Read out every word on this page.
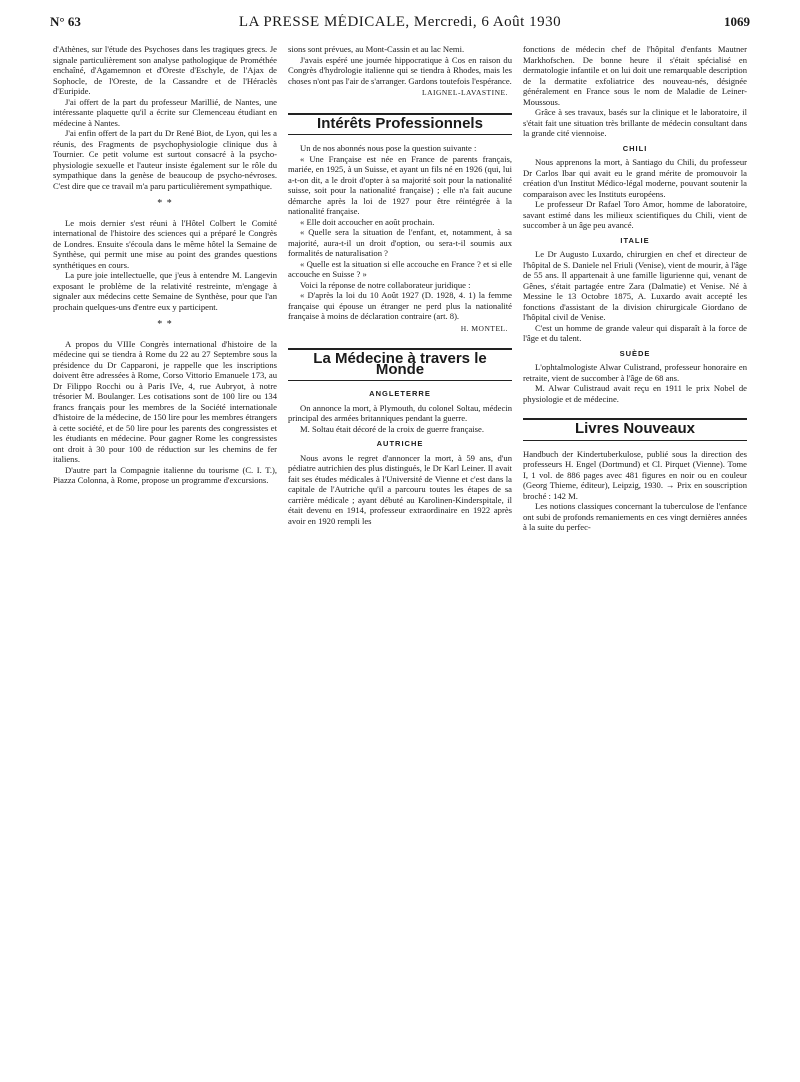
N° 63	LA PRESSE MÉDICALE, Mercredi, 6 Août 1930	1069

d'Athènes, sur l'étude des Psychoses dans les tragiques grecs. Je signale particulièrement son analyse pathologique de Prométhée enchaîné, d'Agamemnon et d'Oreste d'Eschyle, de l'Ajax de Sophocle, de l'Oreste, de la Cassandre et de l'Héraclès d'Euripide.

J'ai offert de la part du professeur Marillié, de Nantes, une intéressante plaquette qu'il a écrite sur Clemenceau étudiant en médecine à Nantes.

J'ai enfin offert de la part du Dr René Biot, de Lyon, qui les a réunis, des Fragments de psychophysiologie clinique dus à Tournier. Ce petit volume est surtout consacré à la psycho-physiologie sexuelle et l'auteur insiste également sur le rôle du sympathique dans la genèse de beaucoup de psycho-névroses. C'est dire que ce travail m'a paru particulièrement sympathique.

* *

Le mois dernier s'est réuni à l'Hôtel Colbert le Comité international de l'histoire des sciences qui a préparé le Congrès de Londres. Ensuite s'écoula dans le même hôtel la Semaine de Synthèse, qui permit une mise au point des grandes questions synthétiques en cours.

La pure joie intellectuelle, que j'eus à entendre M. Langevin exposant le problème de la relativité restreinte, m'engage à signaler aux médecins cette Semaine de Synthèse, pour que l'an prochain quelques-uns d'entre eux y participent.

* *

A propos du VIIIe Congrès international d'histoire de la médecine qui se tiendra à Rome du 22 au 27 Septembre sous la présidence du Dr Capparoni, je rappelle que les inscriptions doivent être adressées à Rome, Corso Vittorio Emanuele 173, au Dr Filippo Rocchi ou à Paris IVe, 4, rue Aubryot, à notre trésorier M. Boulanger. Les cotisations sont de 100 lire ou 134 francs français pour les membres de la Société internationale d'histoire de la médecine, de 150 lire pour les membres étrangers à cette société, et de 50 lire pour les parents des congressistes et les étudiants en médecine. Pour gagner Rome les congressistes ont droit à 30 pour 100 de réduction sur les chemins de fer italiens.

D'autre part la Compagnie italienne du tourisme (C. I. T.), Piazza Colonna, à Rome, propose un programme d'excursions.

sions sont prévues, au Mont-Cassin et au lac Nemi.

J'avais espéré une journée hippocratique à Cos en raison du Congrès d'hydrologie italienne qui se tiendra à Rhodes, mais les choses n'ont pas l'air de s'arranger. Gardons toutefois l'espérance.

LAIGNEL-LAVASTINE.
Intérêts Professionnels

Un de nos abonnés nous pose la question suivante :

« Une Française est née en France de parents français, mariée, en 1925, à un Suisse, et ayant un fils né en 1926 (qui, lui a-t-on dit, a le droit d'opter à sa majorité soit pour la nationalité suisse, soit pour la nationalité française) ; elle n'a fait aucune démarche après la loi de 1927 pour être réintégrée à la nationalité française.

« Elle doit accoucher en août prochain.

« Quelle sera la situation de l'enfant, et, notamment, à sa majorité, aura-t-il un droit d'option, ou sera-t-il soumis aux formalités de naturalisation ?

« Quelle est la situation si elle accouche en France ? et si elle accouche en Suisse ? »

Voici la réponse de notre collaborateur juridique :

« D'après la loi du 10 Août 1927 (D. 1928, 4. 1) la femme française qui épouse un étranger ne perd plus la nationalité française à moins de déclaration contraire (art. 8).

H. MONTEL.
La Médecine à travers le Monde
ANGLETERRE

On annonce la mort, à Plymouth, du colonel Soltau, médecin principal des armées britanniques pendant la guerre.

M. Soltau était décoré de la croix de guerre française.

AUTRICHE

Nous avons le regret d'annoncer la mort, à 59 ans, d'un pédiatre autrichien des plus distingués, le Dr Karl Leiner. Il avait fait ses études médicales à l'Université de Vienne et c'est dans la capitale de l'Autriche qu'il a parcouru toutes les étapes de sa carrière médicale ; ayant débuté au Karolinen-Kinderspitale, il était devenu en 1914, professeur extraordinaire en 1922 après avoir en 1920 rempli les

fonctions de médecin chef de l'hôpital d'enfants Mautner Markhofschen. De bonne heure il s'était spécialisé en dermatologie infantile et on lui doit une remarquable description de la dermatite exfoliatrice des nouveau-nés, désignée généralement en France sous le nom de Maladie de Leiner-Moussous.

Grâce à ses travaux, basés sur la clinique et le laboratoire, il s'était fait une situation très brillante de médecin consultant dans la grande cité viennoise.

CHILI

Nous apprenons la mort, à Santiago du Chili, du professeur Dr Carlos Ibar qui avait eu le grand mérite de promouvoir la création d'un Institut Médico-légal moderne, pouvant soutenir la comparaison avec les Instituts européens.

Le professeur Dr Rafael Toro Amor, homme de laboratoire, savant estimé dans les milieux scientifiques du Chili, vient de succomber à un âge peu avancé.

ITALIE

Le Dr Augusto Luxardo, chirurgien en chef et directeur de l'hôpital de S. Daniele nel Friuli (Venise), vient de mourir, à l'âge de 55 ans. Il appartenait à une famille ligurienne qui, venant de Gênes, s'était partagée entre Zara (Dalmatie) et Venise. Né à Messine le 13 Octobre 1875, A. Luxardo avait accepté les fonctions d'assistant de la division chirurgicale Giordano de l'hôpital civil de Venise.

C'est un homme de grande valeur qui disparaît à la force de l'âge et du talent.

SUÈDE

L'ophtalmologiste Alwar Culistrand, professeur honoraire en retraite, vient de succomber à l'âge de 68 ans.

M. Alwar Culistraud avait reçu en 1911 le prix Nobel de physiologie et de médecine.

Livres Nouveaux

Handbuch der Kindertuberkulose, publié sous la direction des professeurs H. Engel (Dortmund) et Cl. Pirquet (Vienne). Tome I, 1 vol. de 886 pages avec 481 figures en noir ou en couleur (Georg Thieme, éditeur), Leipzig, 1930. → Prix en souscription broché : 142 M.

Les notions classiques concernant la tuberculose de l'enfance ont subi de profonds remaniements en ces vingt dernières années à la suite du perfec-
